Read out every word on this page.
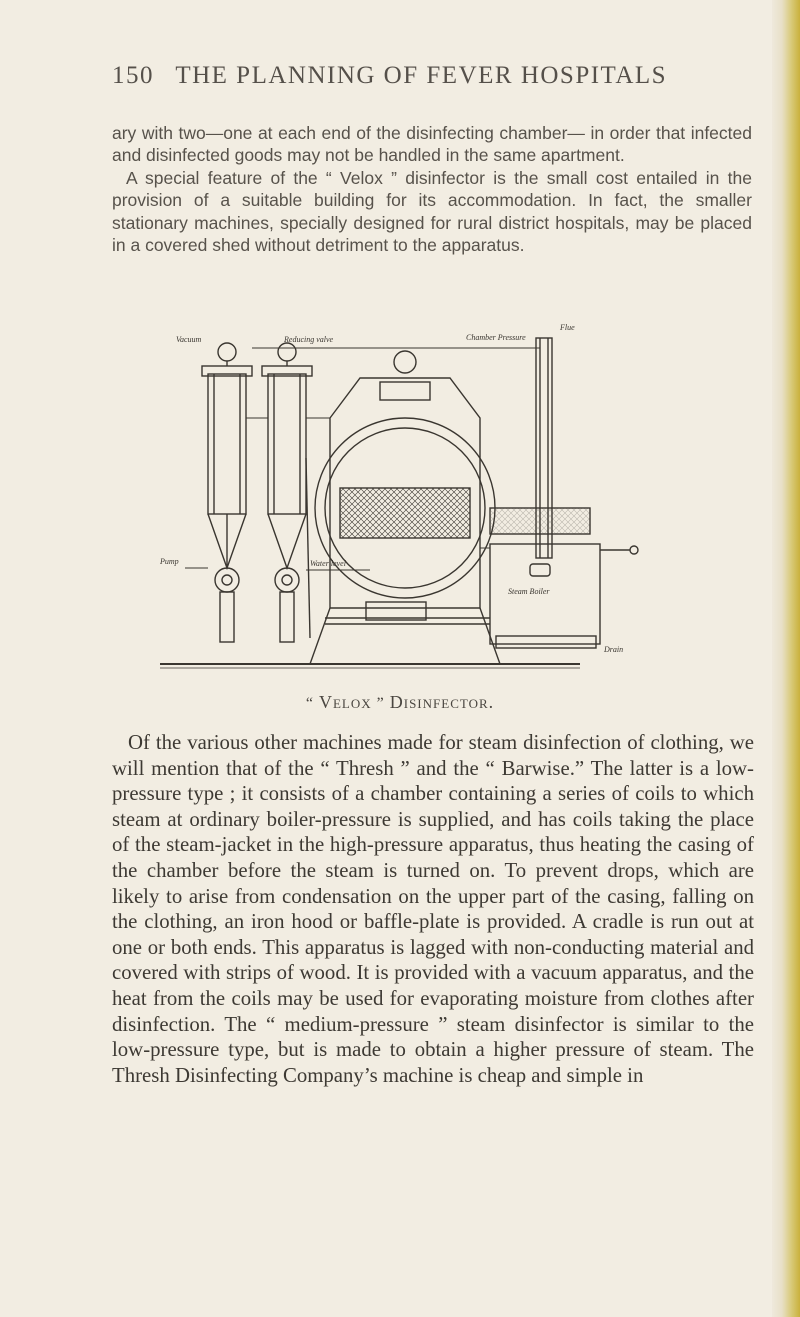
150 THE PLANNING OF FEVER HOSPITALS

ary with two—one at each end of the disinfecting chamber— in order that infected and disinfected goods may not be handled in the same apartment.

A special feature of the “ Velox ” disinfector is the small cost entailed in the provision of a suitable building for its accommodation. In fact, the smaller stationary machines, specially designed for rural district hospitals, may be placed in a covered shed without detriment to the apparatus.

Vacuum	Reducing valve	Chamber Pressure
Pump	Water level
Steam Boiler
Drain
Flue
“ Velox ” Disinfector.

Of the various other machines made for steam disinfection of clothing, we will mention that of the “ Thresh ” and the “ Barwise.” The latter is a low-pressure type ; it consists of a chamber containing a series of coils to which steam at ordinary boiler-pressure is supplied, and has coils taking the place of the steam-jacket in the high-pressure apparatus, thus heating the casing of the chamber before the steam is turned on. To prevent drops, which are likely to arise from condensation on the upper part of the casing, falling on the clothing, an iron hood or baffle-plate is provided. A cradle is run out at one or both ends. This apparatus is lagged with non-conducting material and covered with strips of wood. It is provided with a vacuum apparatus, and the heat from the coils may be used for evaporating moisture from clothes after disinfection. The “ medium-pressure ” steam disinfector is similar to the low-pressure type, but is made to obtain a higher pressure of steam. The Thresh Disinfecting Company’s machine is cheap and simple in
